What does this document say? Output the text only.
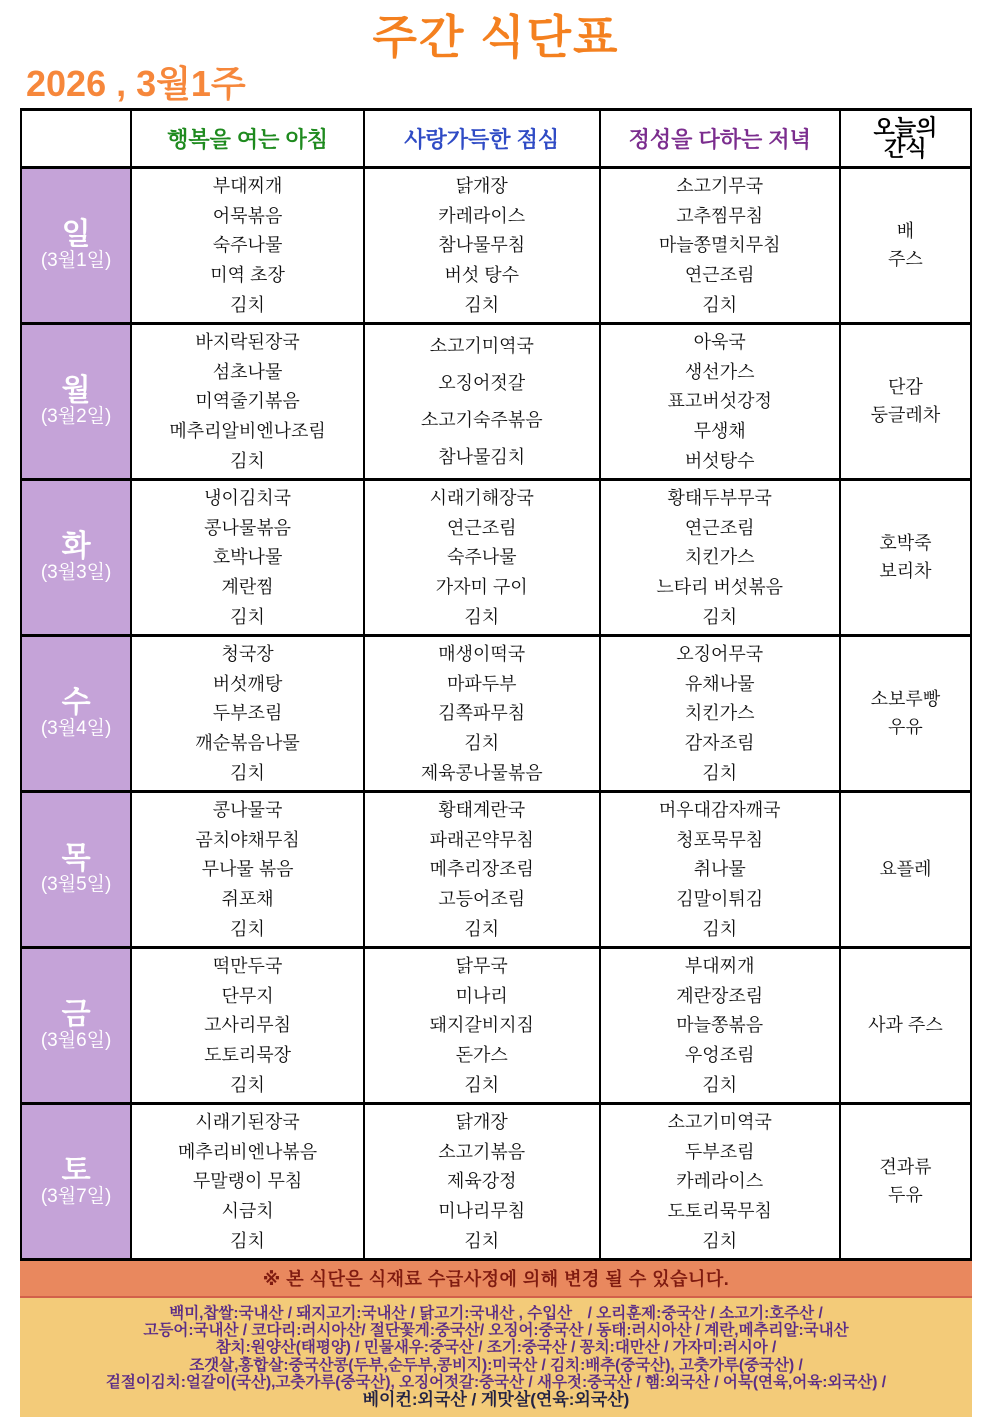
주간 식단표
2026 , 3월1주
구분	행복을 여는 아침	사랑가득한 점심	정성을 다하는 저녁	오늘의
간식

일
(3월1일)	부대찌개
어묵볶음
숙주나물
미역 초장
김치	닭개장
카레라이스
참나물무침
버섯 탕수
김치	소고기무국
고추찜무침
마늘쫑멸치무침
연근조림
김치	배
주스

월
(3월2일)	바지락된장국
섬초나물
미역줄기볶음
메추리알비엔나조림
김치	소고기미역국
오징어젓갈
소고기숙주볶음
참나물김치	아욱국
생선가스
표고버섯강정
무생채
버섯탕수	단감
둥글레차

화
(3월3일)	냉이김치국
콩나물볶음
호박나물
계란찜
김치	시래기해장국
연근조림
숙주나물
가자미 구이
김치	황태두부무국
연근조림
치킨가스
느타리 버섯볶음
김치	호박죽
보리차

수
(3월4일)	청국장
버섯깨탕
두부조림
깨순볶음나물
김치	매생이떡국
마파두부
김쪽파무침
김치
제육콩나물볶음	오징어무국
유채나물
치킨가스
감자조림
김치	소보루빵
우유

목
(3월5일)	콩나물국
곰치야채무침
무나물 볶음
쥐포채
김치	황태계란국
파래곤약무침
메추리장조림
고등어조림
김치	머우대감자깨국
청포묵무침
취나물
김말이튀김
김치	요플레

금
(3월6일)	떡만두국
단무지
고사리무침
도토리묵장
김치	닭무국
미나리
돼지갈비지짐
돈가스
김치	부대찌개
계란장조림
마늘쫑볶음
우엉조림
김치	사과 주스

토
(3월7일)	시래기된장국
메추리비엔나볶음
무말랭이 무침
시금치
김치	닭개장
소고기볶음
제육강정
미나리무침
김치	소고기미역국
두부조림
카레라이스
도토리묵무침
김치	견과류
두유
※ 본 식단은 식재료 수급사정에 의해 변경 될 수 있습니다.
백미,찹쌀:국내산 / 돼지고기:국내산 / 닭고기:국내산 , 수입산　/ 오리훈제:중국산 / 소고기:호주산 /
고등어:국내산 / 코다리:러시아산/ 절단꽃게:중국산/ 오징어:중국산 / 동태:러시아산 / 계란,메추리알:국내산
참치:원양산(태평양) / 민물새우:중국산 / 조기:중국산 / 꽁치:대만산 / 가자미:러시아 /
조갯살,홍합살:중국산콩(두부,순두부,콩비지):미국산 / 김치:배추(중국산), 고춧가루(중국산) /
겉절이김치:얼갈이(국산),고춧가루(중국산), 오징어젓갈:중국산 / 새우젓:중국산 / 햄:외국산 / 어묵(연육,어육:외국산) /
베이컨:외국산 / 게맛살(연육:외국산)
